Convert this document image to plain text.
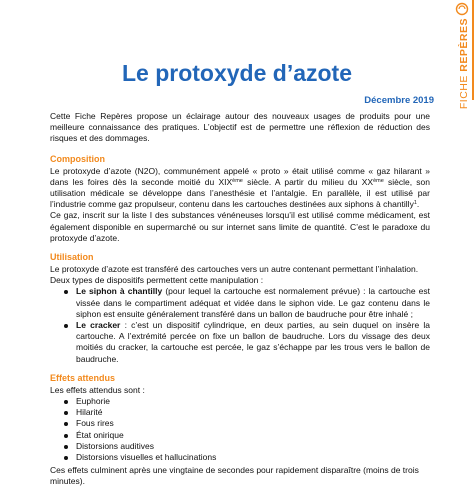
FICHE REPÈRES
Le protoxyde d’azote
Décembre 2019

Cette Fiche Repères propose un éclairage autour des nouveaux usages de produits pour une meilleure connaissance des pratiques. L’objectif est de permettre une réflexion de réduction des risques et des dommages.

Composition

Le protoxyde d’azote (N2O), communément appelé « proto » était utilisé comme « gaz hilarant » dans les foires dès la seconde moitié du XIXème siècle. A partir du milieu du XXème siècle, son utilisation médicale se développe dans l’anesthésie et l’antalgie. En parallèle, il est utilisé par l’industrie comme gaz propulseur, contenu dans les cartouches destinées aux siphons à chantilly$^1$.

Ce gaz, inscrit sur la liste I des substances vénéneuses lorsqu’il est utilisé comme médicament, est également disponible en supermarché ou sur internet sans limite de quantité. C’est le paradoxe du protoxyde d’azote.

Utilisation

Le protoxyde d’azote est transféré des cartouches vers un autre contenant permettant l’inhalation. Deux types de dispositifs permettent cette manipulation :

Le siphon à chantilly (pour lequel la cartouche est normalement prévue) : la cartouche est vissée dans le compartiment adéquat et vidée dans le siphon vide. Le gaz contenu dans le siphon est ensuite généralement transféré dans un ballon de baudruche pour être inhalé ;
Le cracker : c’est un dispositif cylindrique, en deux parties, au sein duquel on insère la cartouche. A l’extrémité percée on fixe un ballon de baudruche. Lors du vissage des deux moitiés du cracker, la cartouche est percée, le gaz s’échappe par les trous vers le ballon de baudruche.
Effets attendus

Les effets attendus sont :

Euphorie
Hilarité
Fous rires
État onirique
Distorsions auditives
Distorsions visuelles et hallucinations

Ces effets culminent après une vingtaine de secondes pour rapidement disparaître (moins de trois minutes).
